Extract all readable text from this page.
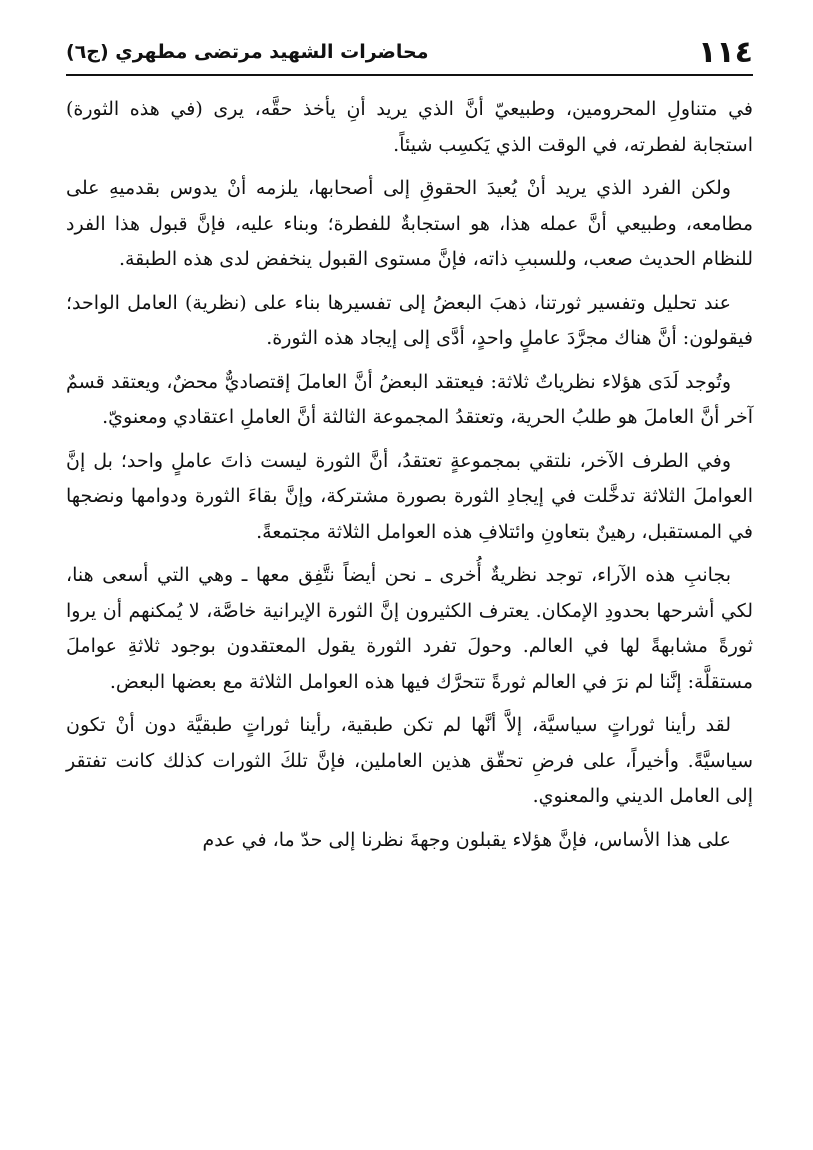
١١٤
محاضرات الشهيد مرتضى مطهري (ج٦)

في متناولِ المحرومين، وطبيعيّ أنَّ الذي يريد أنِ يأخذ حقَّه، يرى (في هذه الثورة) استجابة لفطرته، في الوقت الذي يَكسِب شيئاً.

ولكن الفرد الذي يريد أنْ يُعيدَ الحقوقِ إلى أصحابها، يلزمه أنْ يدوس بقدميهِ على مطامعه، وطبيعي أنَّ عمله هذا، هو استجابةٌ للفطرة؛ وبناء عليه، فإنَّ قبول هذا الفرد للنظام الحديث صعب، وللسببِ ذاته، فإنَّ مستوى القبول ينخفض لدى هذه الطبقة.

عند تحليل وتفسير ثورتنا، ذهبَ البعضُ إلى تفسيرها بناء على (نظرية) العامل الواحد؛ فيقولون: أنَّ هناك مجرَّدَ عاملٍ واحدٍ، أدَّى إلى إيجاد هذه الثورة.

وتُوجد لَدَى هؤلاء نظرياتٌ ثلاثة: فيعتقد البعضُ أنَّ العاملَ إقتصاديٌّ محضٌ، ويعتقد قسمٌ آخر أنَّ العاملَ هو طلبُ الحرية، وتعتقدُ المجموعة الثالثة أنَّ العاملِ اعتقادي ومعنويّ.

وفي الطرف الآخر، نلتقي بمجموعةٍ تعتقدُ، أنَّ الثورة ليست ذاتَ عاملٍ واحد؛ بل إنَّ العواملَ الثلاثة تدخَّلت في إيجادِ الثورة بصورة مشتركة، وإنَّ بقاءَ الثورة ودوامها ونضجها في المستقبل، رهينٌ بتعاونِ وائتلافِ هذه العوامل الثلاثة مجتمعةً.

بجانبِ هذه الآراء، توجد نظريةٌ أُخرى ـ نحن أيضاً نتَّفِق معها ـ وهي التي أسعى هنا، لكي أشرحها بحدودِ الإمكان. يعترف الكثيرون إنَّ الثورة الإيرانية خاصَّة، لا يُمكنهم أن يروا ثورةً مشابهةً لها في العالم. وحولَ تفرد الثورة يقول المعتقدون بوجود ثلاثةِ عواملَ مستقلَّة: إنَّنا لم نرَ في العالم ثورةً تتحرَّك فيها هذه العوامل الثلاثة مع بعضها البعض.

لقد رأينا ثوراتٍ سياسيَّة، إلاَّ أنَّها لم تكن طبقية، رأينا ثوراتٍ طبقيَّة دون أنْ تكون سياسيَّةً. وأخيراً، على فرضِ تحقّق هذين العاملين، فإنَّ تلكَ الثورات كذلك كانت تفتقر إلى العامل الديني والمعنوي.

على هذا الأساس، فإنَّ هؤلاء يقبلون وجهةَ نظرنا إلى حدّ ما، في عدم
